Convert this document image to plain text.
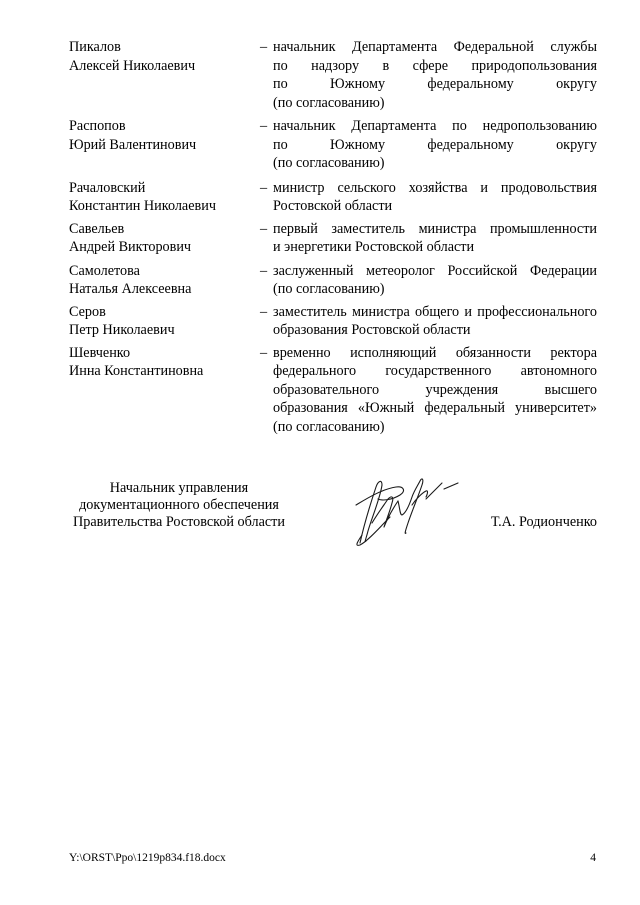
Пикалов
Алексей Николаевич
– начальник Департамента Федеральной службы
по надзору в сфере природопользования
по Южному федеральному округу
(по согласованию)
Распопов
Юрий Валентинович
– начальник Департамента по недропользованию
по Южному федеральному округу
(по согласованию)
Рачаловский
Константин Николаевич
– министр сельского хозяйства и продовольствия
Ростовской области
Савельев
Андрей Викторович
– первый заместитель министра промышленности
и энергетики Ростовской области
Самолетова
Наталья Алексеевна
– заслуженный метеоролог Российской Федерации
(по согласованию)
Серов
Петр Николаевич
– заместитель министра общего и профессионального
образования Ростовской области
Шевченко
Инна Константиновна
– временно исполняющий обязанности ректора
федерального государственного автономного
образовательного учреждения высшего
образования «Южный федеральный университет»
(по согласованию)
Начальник управления
документационного обеспечения
Правительства Ростовской области	Т.А. Родионченко
Y:\ORST\Ppo\1219p834.f18.docx	4
